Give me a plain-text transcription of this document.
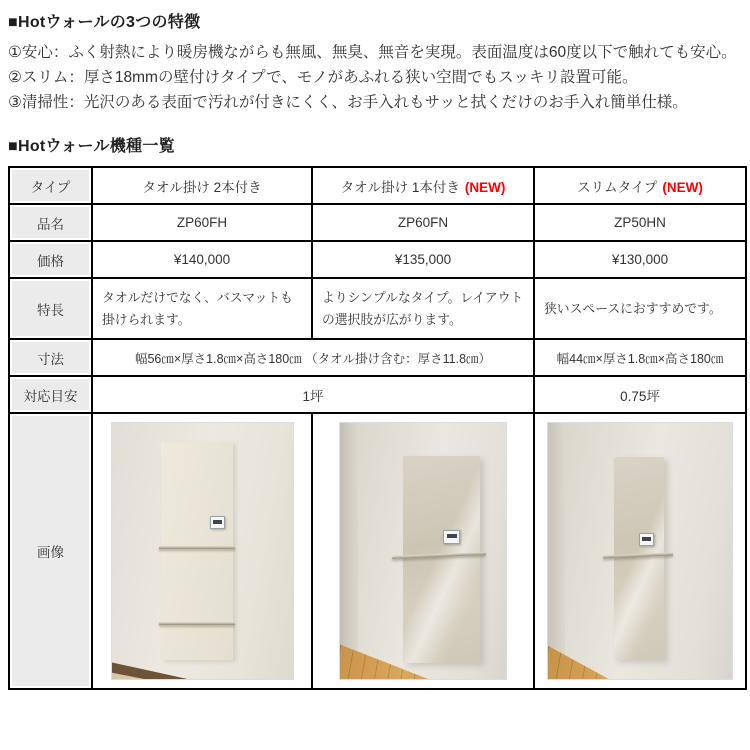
■Hotウォールの3つの特徴

①安心：ふく射熱により暖房機ながらも無風、無臭、無音を実現。表面温度は60度以下で触れても安心。

②スリム：厚さ18mmの壁付けタイプで、モノがあふれる狭い空間でもスッキリ設置可能。

③清掃性：光沢のある表面で汚れが付きにくく、お手入れもサッと拭くだけのお手入れ簡単仕様。

■Hotウォール機種一覧
タイプ	タオル掛け 2本付き	タオル掛け 1本付き (NEW)	スリムタイプ (NEW)
品名	ZP60FH	ZP60FN	ZP50HN
価格	¥140,000	¥135,000	¥130,000
特長	タオルだけでなく、バスマットも掛けられます。	よりシンプルなタイプ。レイアウトの選択肢が広がります。	狭いスペースにおすすめです。
寸法	幅56㎝×厚さ1.8㎝×高さ180㎝ （タオル掛け含む：厚さ11.8㎝）		幅44㎝×厚さ1.8㎝×高さ180㎝
対応目安	1坪		0.75坪
画像	
